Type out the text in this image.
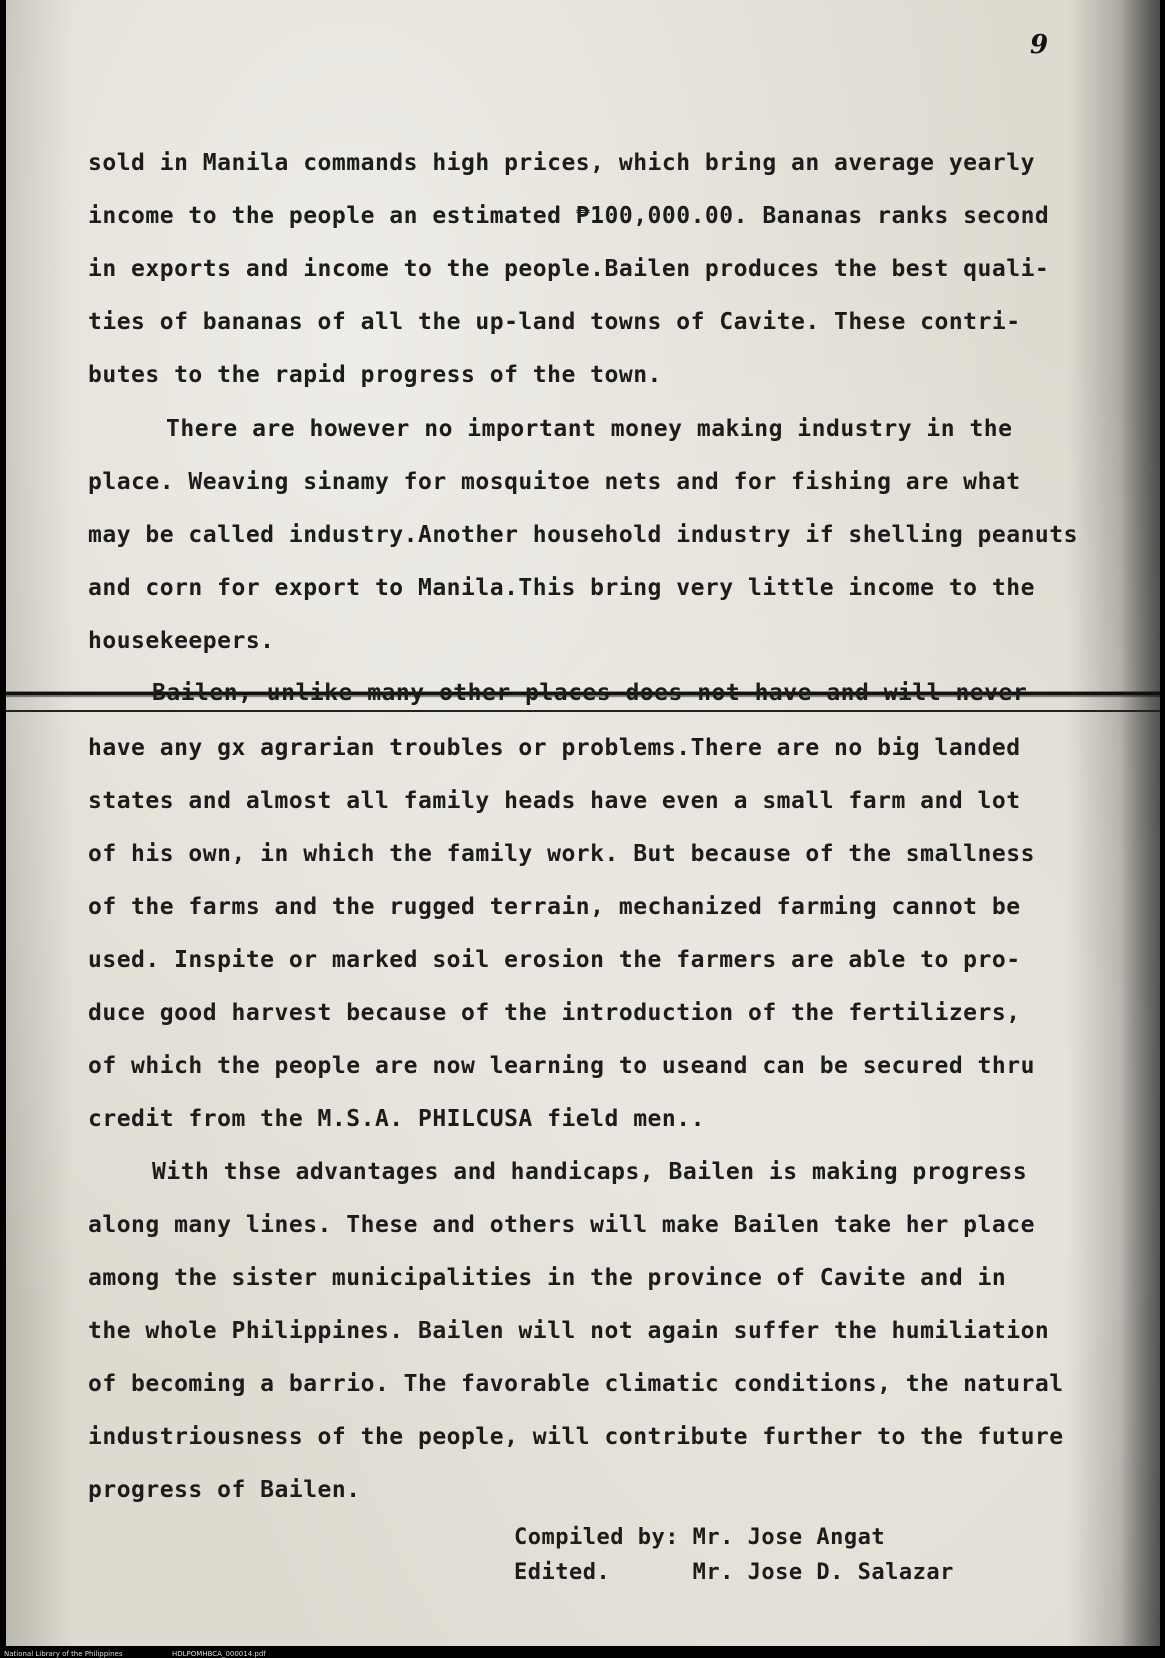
9
sold in Manila commands high prices, which bring an average yearly
income to the people an estimated ₱100,000.00. Bananas ranks second
in exports and income to the people.Bailen produces the best quali-
ties of bananas of all the up-land towns of Cavite. These contri-
butes to the rapid progress of the town.
There are however no important money making industry in the
place. Weaving sinamy for mosquitoe nets and for fishing are what
may be called industry.Another household industry if shelling peanuts
and corn for export to Manila.This bring very little income to the
housekeepers.
Bailen, unlike many other places does not have and will never
have any gx agrarian troubles or problems.There are no big landed
states and almost all family heads have even a small farm and lot
of his own, in which the family work. But because of the smallness
of the farms and the rugged terrain, mechanized farming cannot be
used. Inspite or marked soil erosion the farmers are able to pro-
duce good harvest because of the introduction of the fertilizers,
of which the people are now learning to useand can be secured thru
credit from the M.S.A. PHILCUSA field men..
With thse advantages and handicaps, Bailen is making progress
along many lines. These and others will make Bailen take her place
among the sister municipalities in the province of Cavite and in
the whole Philippines. Bailen will not again suffer the humiliation
of becoming a barrio. The favorable climatic conditions, the natural
industriousness of the people, will contribute further to the future
progress of Bailen.
Compiled by: Mr. Jose Angat
Edited.      Mr. Jose D. Salazar
National Library of the Philippines	HDLPOMHBCA_000014.pdf
